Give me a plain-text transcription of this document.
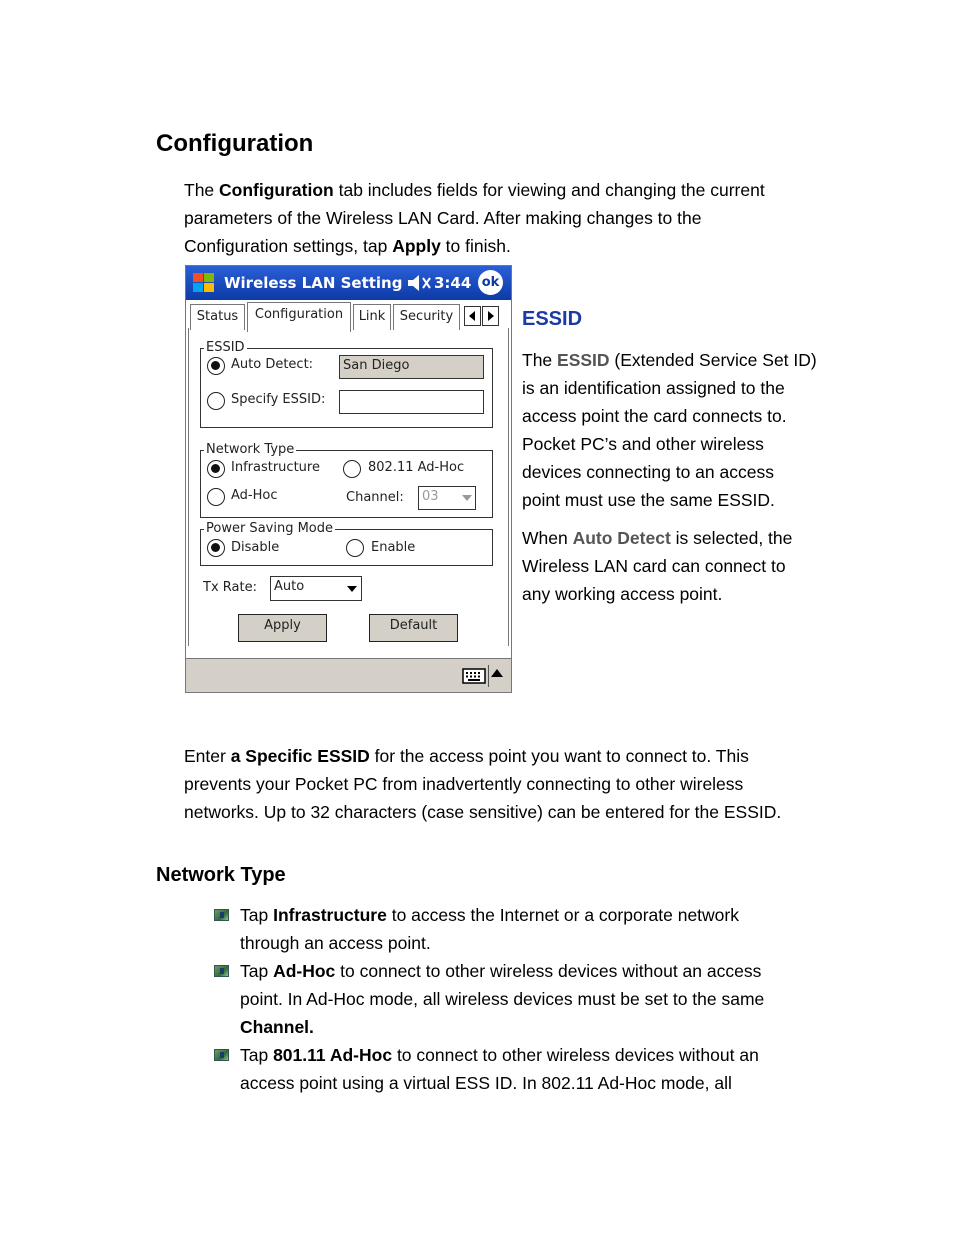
Configuration
The Configuration tab includes fields for viewing and changing the current
parameters of the Wireless LAN Card. After making changes to the
Configuration settings, tap Apply to finish.
Wireless LAN Setting 3:44 ok
Status	Configuration	Link	Security
ESSID
Auto Detect:	San Diego
Specify ESSID:
Network Type
Infrastructure	802.11 Ad-Hoc
Ad-Hoc	Channel:	03
Power Saving Mode
Disable	Enable
Tx Rate:	Auto
Apply	Default
ESSID
The ESSID (Extended Service Set ID)
is an identification assigned to the
access point the card connects to.
Pocket PC’s and other wireless
devices connecting to an access
point must use the same ESSID.
When Auto Detect is selected, the
Wireless LAN card can connect to
any working access point.
Enter a Specific ESSID for the access point you want to connect to. This
prevents your Pocket PC from inadvertently connecting to other wireless
networks. Up to 32 characters (case sensitive) can be entered for the ESSID.
Network Type
Tap Infrastructure to access the Internet or a corporate network
through an access point.
Tap Ad-Hoc to connect to other wireless devices without an access
point. In Ad-Hoc mode, all wireless devices must be set to the same
Channel.
Tap 801.11 Ad-Hoc to connect to other wireless devices without an
access point using a virtual ESS ID. In 802.11 Ad-Hoc mode, all
